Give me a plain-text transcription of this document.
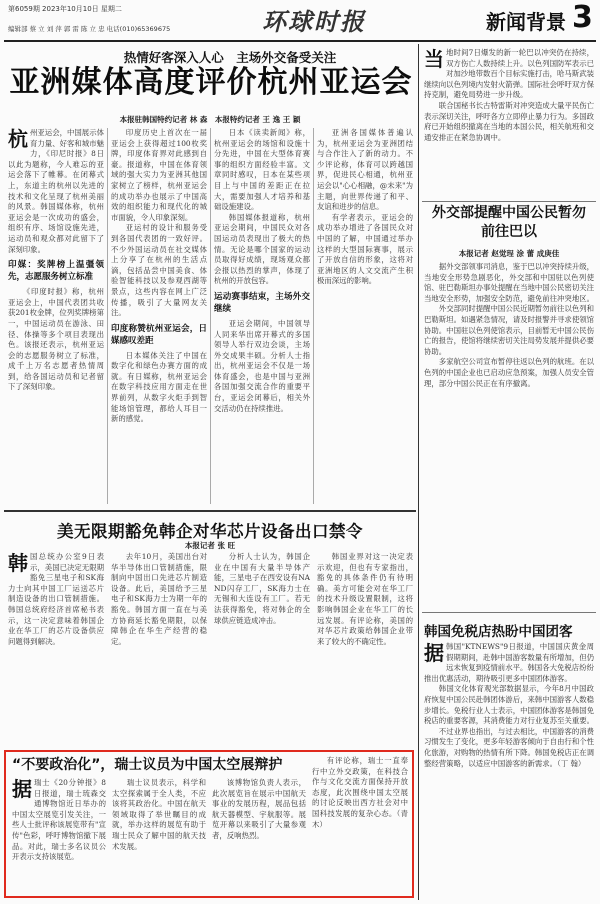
第6059期 2023年10月10日 星期二
编辑部 蔡 立 刘 萍 郭 雷 陈 立 忠 电话(010)65369675	环球时报	新闻背景 3
热情好客深入人心　主场外交备受关注
亚洲媒体高度评价杭州亚运会
本报驻韩国特约记者 林 森　本报特约记者 王 逸 王 颖
杭 州亚运会，中国展示体育力量、好客和城市魅力，《印尼时报》8日以此为题称，今人难忘的亚运会落下了帷幕。在闭幕式上，东道主的杭州以先进的技术和文化呈现了杭州美丽的风景。韩国媒体称，杭州亚运会是一次成功的盛会，组织有序、场馆设施先进，运动员和观众都对此留下了深刻印象。
印媒：奖牌榜上温彊领先，志愿服务树立标准

《印度时报》称，杭州亚运会上，中国代表团共收获201枚金牌，位列奖牌榜第一，中国运动员在游泳、田径、体操等多个项目表现出色。该报还表示，杭州亚运会的志愿服务树立了标准，成千上万名志愿者热情周到，给各国运动员和记者留下了深刻印象。

印度历史上首次在一届亚运会上获得超过100枚奖牌，印度体育界对此感到自豪。报道称，中国在体育领域的强大实力为亚洲其他国家树立了榜样，杭州亚运会的成功举办也展示了中国高效的组织能力和现代化的城市面貌，令人印象深刻。

亚运村的设计和服务受到各国代表团的一致好评。不少外国运动员在社交媒体上分享了在杭州的生活点滴，包括品尝中国美食、体验智能科技以及参观西湖等景点，这些内容在网上广泛传播，吸引了大量网友关注。

印度称赞杭州亚运会，日媒感叹差距

日本媒体关注了中国在数字化和绿色办赛方面的成就。有日媒称，杭州亚运会在数字科技应用方面走在世界前列，从数字火炬手到智能场馆管理，都给人耳目一新的感觉。

日本《读卖新闻》称，杭州亚运会的场馆和设施十分先进，中国在大型体育赛事的组织方面经验丰富。文章同时感叹，日本在某些项目上与中国的差距正在拉大，需要加强人才培养和基础设施建设。

韩国媒体报道称，杭州亚运会期间，中国民众对各国运动员表现出了极大的热情。无论是哪个国家的运动员取得好成绩，现场观众都会报以热烈的掌声，体现了杭州的开放包容。

运动赛事结束，主场外交继续

亚运会期间，中国领导人同来华出席开幕式的多国领导人举行双边会谈，主场外交成果丰硕。分析人士指出，杭州亚运会不仅是一场体育盛会，也是中国与亚洲各国加强交流合作的重要平台，亚运会闭幕后，相关外交活动仍在持续推进。

亚洲各国媒体普遍认为，杭州亚运会为亚洲团结与合作注入了新的动力。不少评论称，体育可以跨越国界，促进民心相通，杭州亚运会以"心心相融，@未来"为主题，向世界传递了和平、友谊和进步的信息。

有学者表示，亚运会的成功举办增进了各国民众对中国的了解，中国通过举办这样的大型国际赛事，展示了开放自信的形象，这将对亚洲地区的人文交流产生积极而深远的影响。

当 地时间7日爆发的新一轮巴以冲突仍在持续，双方伤亡人数持续上升。以色列国防军表示已对加沙地带数百个目标实施打击，哈马斯武装继续向以色列境内发射火箭弹。国际社会呼吁双方保持克制，避免局势进一步升级。

联合国秘书长古特雷斯对冲突造成大量平民伤亡表示深切关注，呼吁各方立即停止暴力行为。多国政府已开始组织撤离在当地的本国公民，相关航班和交通安排正在紧急协调中。

外交部提醒中国公民暂勿前往巴以
本报记者 赵觉珵 涂 蕾 成庚佳

据外交部领事司消息，鉴于巴以冲突持续升级，当地安全形势急剧恶化，外交部和中国驻以色列使馆、驻巴勒斯坦办事处提醒在当地中国公民密切关注当地安全形势，加强安全防范，避免前往冲突地区。

外交部同时提醒中国公民近期暂勿前往以色列和巴勒斯坦。如遇紧急情况，请及时报警并寻求使领馆协助。中国驻以色列使馆表示，目前暂无中国公民伤亡的报告，使馆将继续密切关注局势发展并提供必要协助。

多家航空公司宣布暂停往返以色列的航班。在以色列的中国企业也已启动应急预案，加强人员安全管理，部分中国公民正在有序撤离。

韩国免税店热盼中国团客
据 韩国"KTNEWS"9日报道，中国国庆黄金周假期期间，赴韩中国游客数量有所增加，但仍远未恢复到疫情前水平。韩国各大免税店纷纷推出优惠活动，期待吸引更多中国团体游客。

韩国文化体育观光部数据显示，今年8月中国政府恢复中国公民赴韩团体游后，来韩中国游客人数稳步增长。免税行业人士表示，中国团体游客是韩国免税店的重要客源，其消费能力对行业复苏至关重要。

不过业界也指出，与过去相比，中国游客的消费习惯发生了变化，更多年轻游客倾向于自由行和个性化旅游，对购物的热情有所下降。韩国免税店正在调整经营策略，以适应中国游客的新需求。（丁 翰）

美无限期豁免韩企对华芯片设备出口禁令
本报记者 张 旺
韩 国总统办公室9日表示，美国已决定无限期豁免三星电子和SK海力士向其中国工厂运送芯片制造设备的出口管制措施。韩国总统府经济首席秘书表示，这一决定意味着韩国企业在华工厂的芯片设备供应问题得到解决。

去年10月，美国出台对华半导体出口管制措施，限制向中国出口先进芯片制造设备。此后，美国给予三星电子和SK海力士为期一年的豁免。韩国方面一直在与美方协商延长豁免期限，以保障韩企在华生产经营的稳定。

分析人士认为，韩国企业在中国有大量半导体产能，三星电子在西安设有NAND闪存工厂，SK海力士在无锡和大连设有工厂。若无法获得豁免，将对韩企的全球供应链造成冲击。

韩国业界对这一决定表示欢迎，但也有专家指出，豁免的具体条件仍有待明确。美方可能会对在华工厂的技术升级设置限制，这将影响韩国企业在华工厂的长远发展。有评论称，美国的对华芯片政策给韩国企业带来了较大的不确定性。

“不要政治化”，瑞士议员为中国太空展辩护
据 瑞士《20分钟报》8日报道，瑞士琉森交通博物馆近日举办的中国太空展览引发关注，一些人士批评称该展览带有"宣传"色彩，呼吁博物馆撤下展品。对此，瑞士多名议员公开表示支持该展览。

瑞士议员表示，科学和太空探索属于全人类，不应该将其政治化。中国在航天领域取得了举世瞩目的成就，举办这样的展览有助于瑞士民众了解中国的航天技术发展。

该博物馆负责人表示，此次展览旨在展示中国航天事业的发展历程，展品包括航天器模型、宇航服等。展览开幕以来吸引了大量参观者，反响热烈。

有评论称，瑞士一直奉行中立外交政策，在科技合作与文化交流方面保持开放态度，此次围绕中国太空展的讨论反映出西方社会对中国科技发展的复杂心态。（青 木）
